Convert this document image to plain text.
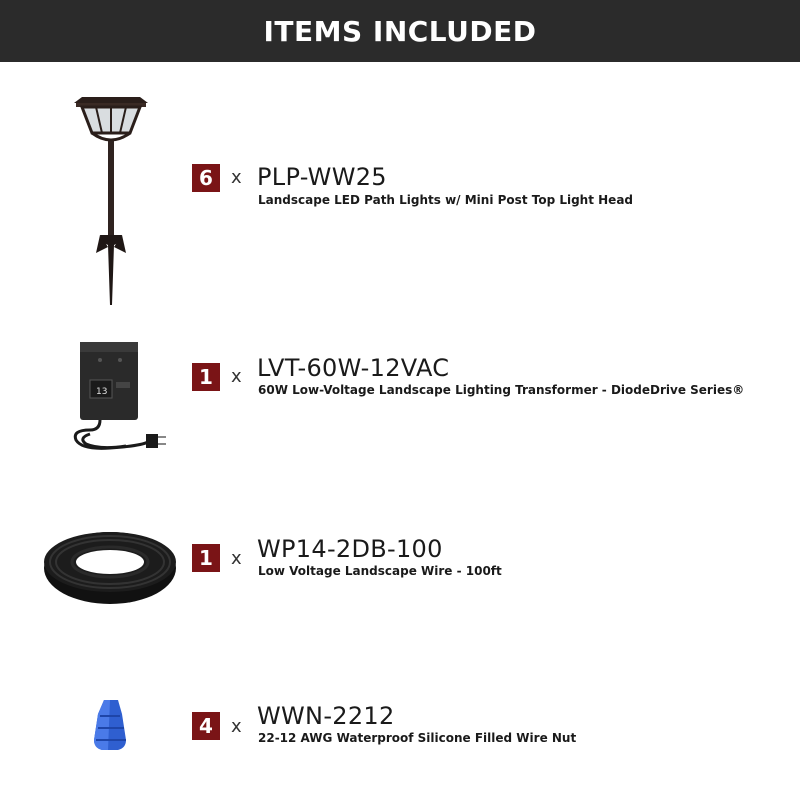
ITEMS INCLUDED
6	x PLP-WW25
Landscape LED Path Lights w/ Mini Post Top Light Head
13
1	x LVT-60W-12VAC
60W Low-Voltage Landscape Lighting Transformer - DiodeDrive Series®
1	x WP14-2DB-100
Low Voltage Landscape Wire - 100ft
4	x WWN-2212
22-12 AWG Waterproof Silicone Filled Wire Nut
